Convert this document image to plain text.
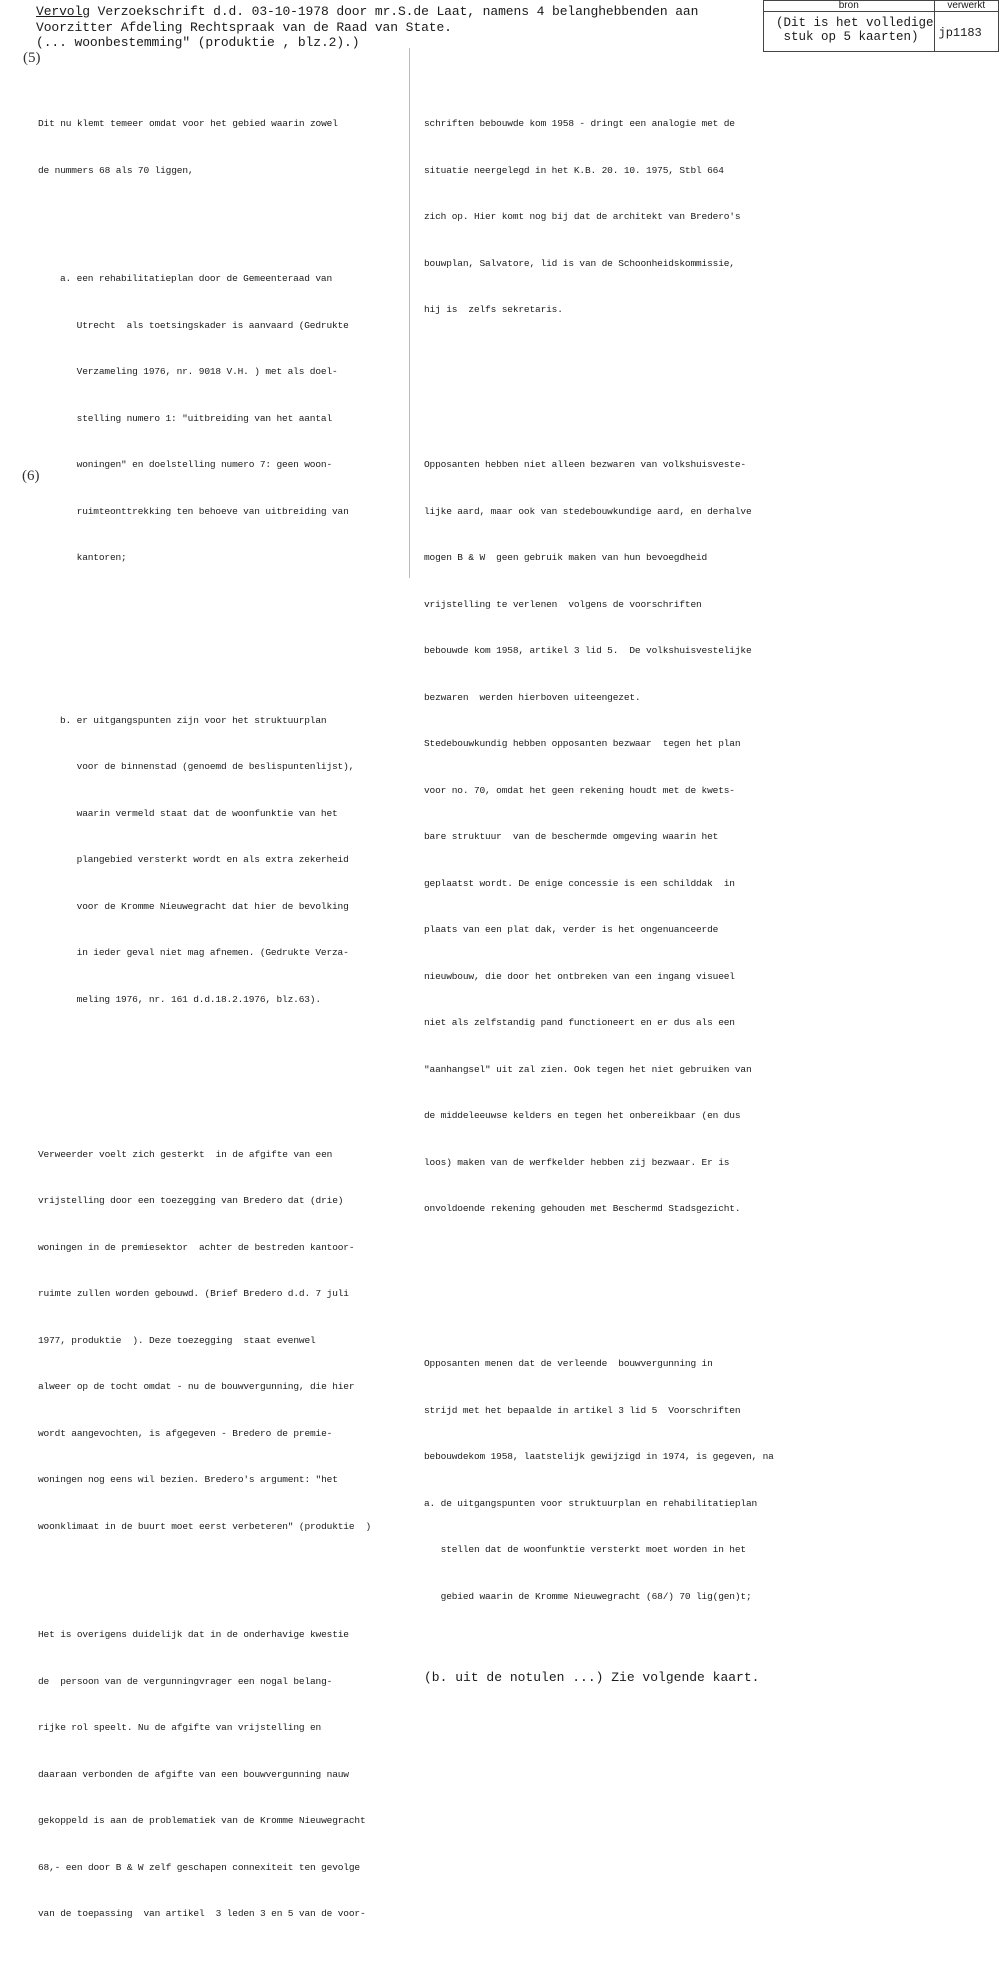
Vervolg Verzoekschrift d.d. 03-10-1978 door mr.S.de Laat, namens 4 belanghebbenden aan
Voorzitter Afdeling Rechtspraak van de Raad van State.
(... woonbestemming" (produktie , blz.2).)
bron	verwerkt

(Dit is het volledige
stuk op 5 kaarten)	jp1183
(5)
(6)

Dit nu klemt temeer omdat voor het gebied waarin zowel

de nummers 68 als 70 liggen,

a. een rehabilitatieplan door de Gemeenteraad van

Utrecht  als toetsingskader is aanvaard (Gedrukte

Verzameling 1976, nr. 9018 V.H. ) met als doel-

stelling numero 1: "uitbreiding van het aantal

woningen" en doelstelling numero 7: geen woon-

ruimteonttrekking ten behoeve van uitbreiding van

kantoren;

b. er uitgangspunten zijn voor het struktuurplan

voor de binnenstad (genoemd de beslispuntenlijst),

waarin vermeld staat dat de woonfunktie van het

plangebied versterkt wordt en als extra zekerheid

voor de Kromme Nieuwegracht dat hier de bevolking

in ieder geval niet mag afnemen. (Gedrukte Verza-

meling 1976, nr. 161 d.d.18.2.1976, blz.63).

Verweerder voelt zich gesterkt  in de afgifte van een

vrijstelling door een toezegging van Bredero dat (drie)

woningen in de premiesektor  achter de bestreden kantoor-

ruimte zullen worden gebouwd. (Brief Bredero d.d. 7 juli

1977, produktie  ). Deze toezegging  staat evenwel

alweer op de tocht omdat - nu de bouwvergunning, die hier

wordt aangevochten, is afgegeven - Bredero de premie-

woningen nog eens wil bezien. Bredero's argument: "het

woonklimaat in de buurt moet eerst verbeteren" (produktie  )

Het is overigens duidelijk dat in de onderhavige kwestie

de  persoon van de vergunningvrager een nogal belang-

rijke rol speelt. Nu de afgifte van vrijstelling en

daaraan verbonden de afgifte van een bouwvergunning nauw

gekoppeld is aan de problematiek van de Kromme Nieuwegracht

68,- een door B & W zelf geschapen connexiteit ten gevolge

van de toepassing  van artikel  3 leden 3 en 5 van de voor-

schriften bebouwde kom 1958 - dringt een analogie met de

situatie neergelegd in het K.B. 20. 10. 1975, Stbl 664

zich op. Hier komt nog bij dat de architekt van Bredero's

bouwplan, Salvatore, lid is van de Schoonheidskommissie,

hij is  zelfs sekretaris.

Opposanten hebben niet alleen bezwaren van volkshuisveste-

lijke aard, maar ook van stedebouwkundige aard, en derhalve

mogen B & W  geen gebruik maken van hun bevoegdheid

vrijstelling te verlenen  volgens de voorschriften

bebouwde kom 1958, artikel 3 lid 5.  De volkshuisvestelijke

bezwaren  werden hierboven uiteengezet.

Stedebouwkundig hebben opposanten bezwaar  tegen het plan

voor no. 70, omdat het geen rekening houdt met de kwets-

bare struktuur  van de beschermde omgeving waarin het

geplaatst wordt. De enige concessie is een schilddak  in

plaats van een plat dak, verder is het ongenuanceerde

nieuwbouw, die door het ontbreken van een ingang visueel

niet als zelfstandig pand functioneert en er dus als een

"aanhangsel" uit zal zien. Ook tegen het niet gebruiken van

de middeleeuwse kelders en tegen het onbereikbaar (en dus

loos) maken van de werfkelder hebben zij bezwaar. Er is

onvoldoende rekening gehouden met Beschermd Stadsgezicht.

Opposanten menen dat de verleende  bouwvergunning in

strijd met het bepaalde in artikel 3 lid 5  Voorschriften

bebouwdekom 1958, laatstelijk gewijzigd in 1974, is gegeven, na

a. de uitgangspunten voor struktuurplan en rehabilitatieplan

stellen dat de woonfunktie versterkt moet worden in het

gebied waarin de Kromme Nieuwegracht (68/) 70 lig(gen)t;

(b. uit de notulen ...) Zie volgende kaart.
